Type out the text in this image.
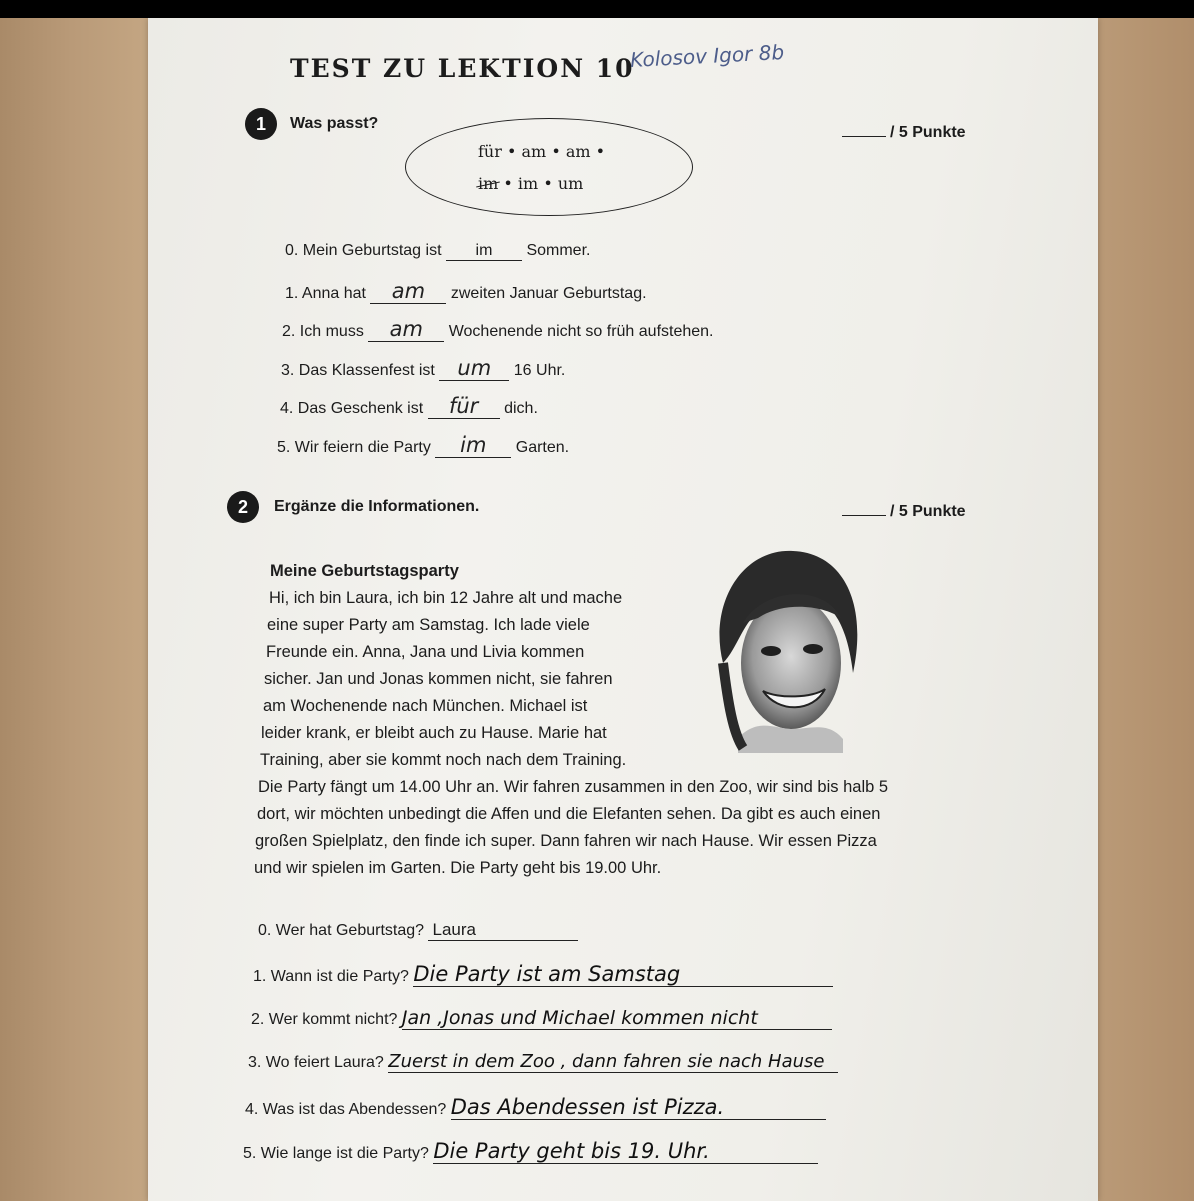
TEST ZU LEKTION 10
Kolosov Igor 8b
1	Was passt?
/ 5 Punkte
für • am • am •
im • im • um
0. Mein Geburtstag ist im Sommer.
1. Anna hat am zweiten Januar Geburtstag.
2. Ich muss am Wochenende nicht so früh aufstehen.
3. Das Klassenfest ist um 16 Uhr.
4. Das Geschenk ist für dich.
5. Wir feiern die Party im Garten.
2	Ergänze die Informationen.	/ 5 Punkte
Meine Geburtstagsparty
Hi, ich bin Laura, ich bin 12 Jahre alt und mache
eine super Party am Samstag. Ich lade viele
Freunde ein. Anna, Jana und Livia kommen
sicher. Jan und Jonas kommen nicht, sie fahren
am Wochenende nach München. Michael ist
leider krank, er bleibt auch zu Hause. Marie hat
Training, aber sie kommt noch nach dem Training.
Die Party fängt um 14.00 Uhr an. Wir fahren zusammen in den Zoo, wir sind bis halb 5
dort, wir möchten unbedingt die Affen und die Elefanten sehen. Da gibt es auch einen
großen Spielplatz, den finde ich super. Dann fahren wir nach Hause. Wir essen Pizza
und wir spielen im Garten. Die Party geht bis 19.00 Uhr.
0. Wer hat Geburtstag? Laura
1. Wann ist die Party? Die Party ist am Samstag
2. Wer kommt nicht? Jan ,Jonas und Michael kommen nicht
3. Wo feiert Laura? Zuerst in dem Zoo , dann fahren sie nach Hause
4. Was ist das Abendessen? Das Abendessen ist Pizza.
5. Wie lange ist die Party? Die Party geht bis 19. Uhr.
